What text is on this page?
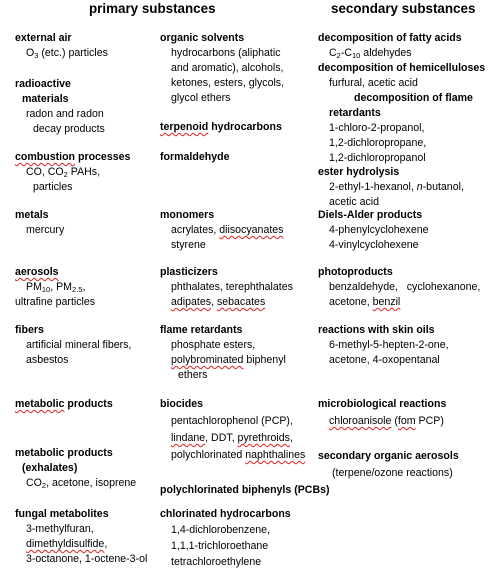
primary substances	secondary substances
external air
$O_3$ (etc.) particles
radioactive
materials
radon and radon
decay products
combustion processes
CO, $CO_2$ PAHs,
particles
metals
mercury
aerosols
$PM_{10}$, $PM_{2.5}$,
ultrafine particles
fibers
artificial mineral fibers,
asbestos
metabolic products
metabolic products
(exhalates)
$CO_2$, acetone, isoprene
fungal metabolites
3-methylfuran,
dimethyldisulfide,
3-octanone, 1-octene-3-ol
organic solvents
hydrocarbons (aliphatic
and aromatic), alcohols,
ketones, esters, glycols,
glycol ethers
terpenoid hydrocarbons
formaldehyde
monomers
acrylates, diisocyanates
styrene
plasticizers
phthalates, terephthalates
adipates, sebacates
flame retardants
phosphate esters,
polybrominated biphenyl
ethers
biocides
pentachlorophenol (PCP),
lindane, DDT, pyrethroids,
polychlorinated naphthalines
polychlorinated biphenyls (PCBs)
chlorinated hydrocarbons
1,4-dichlorobenzene,
1,1,1-trichloroethane
tetrachloroethylene
decomposition of fatty acids
$C_2-C_{10}$ aldehydes
decomposition of hemicelluloses
furfural, acetic acid
decomposition of flame
retardants
1-chloro-2-propanol,
1,2-dichloropropane,
1,2-dichloropropanol
ester hydrolysis
2-ethyl-1-hexanol, n-butanol,
acetic acid
Diels-Alder products
4-phenylcyclohexene
4-vinylcyclohexene
photoproducts
benzaldehyde,   cyclohexanone,
acetone, benzil
reactions with skin oils
6-methyl-5-hepten-2-one,
acetone, 4-oxopentanal
microbiological reactions
chloroanisole (fom PCP)
secondary organic aerosols
(terpene/ozone reactions)
